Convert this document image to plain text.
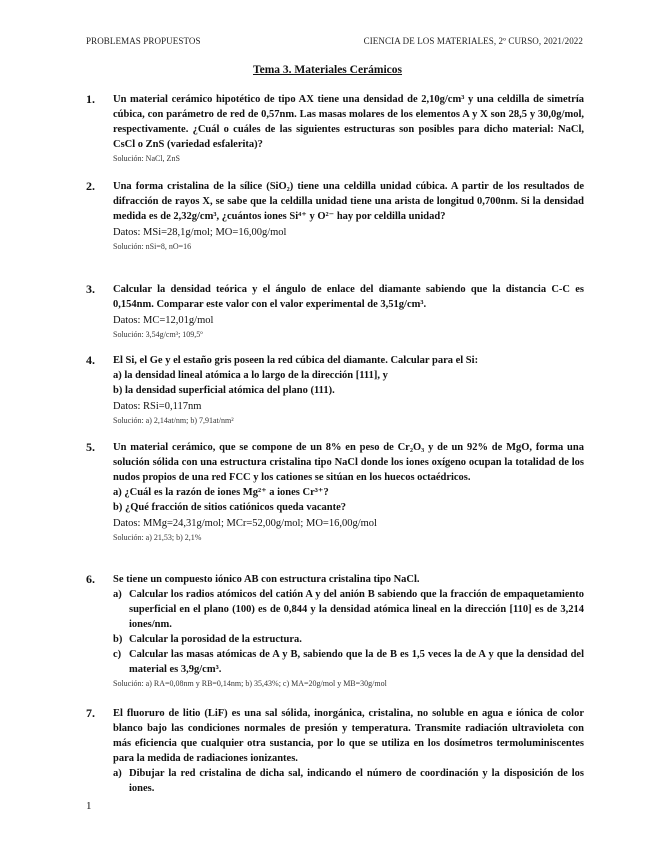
PROBLEMAS PROPUESTOS	CIENCIA DE LOS MATERIALES, 2º CURSO, 2021/2022
Tema 3. Materiales Cerámicos
1. Un material cerámico hipotético de tipo AX tiene una densidad de 2,10g/cm³ y una celdilla de simetría cúbica, con parámetro de red de 0,57nm. Las masas molares de los elementos A y X son 28,5 y 30,0g/mol, respectivamente. ¿Cuál o cuáles de las siguientes estructuras son posibles para dicho material: NaCl, CsCl o ZnS (variedad esfalerita)?

Solución: NaCl, ZnS

2. Una forma cristalina de la sílice (SiO₂) tiene una celdilla unidad cúbica. A partir de los resultados de difracción de rayos X, se sabe que la celdilla unidad tiene una arista de longitud 0,700nm. Si la densidad medida es de 2,32g/cm³, ¿cuántos iones Si⁴⁺ y O²⁻ hay por celdilla unidad?

Datos: MSi=28,1g/mol; MO=16,00g/mol

Solución: nSi=8, nO=16

3. Calcular la densidad teórica y el ángulo de enlace del diamante sabiendo que la distancia C-C es 0,154nm. Comparar este valor con el valor experimental de 3,51g/cm³.

Datos: MC=12,01g/mol

Solución: 3,54g/cm³; 109,5º

4. El Si, el Ge y el estaño gris poseen la red cúbica del diamante. Calcular para el Si:

a) la densidad lineal atómica a lo largo de la dirección [111], y

b) la densidad superficial atómica del plano (111).

Datos: RSi=0,117nm

Solución: a) 2,14at/nm; b) 7,91at/nm²

5. Un material cerámico, que se compone de un 8% en peso de Cr₂O₃ y de un 92% de MgO, forma una solución sólida con una estructura cristalina tipo NaCl donde los iones oxígeno ocupan la totalidad de los nudos propios de una red FCC y los cationes se sitúan en los huecos octaédricos.

a) ¿Cuál es la razón de iones Mg²⁺ a iones Cr³⁺?

b) ¿Qué fracción de sitios catiónicos queda vacante?

Datos: MMg=24,31g/mol; MCr=52,00g/mol; MO=16,00g/mol

Solución: a) 21,53; b) 2,1%

6. Se tiene un compuesto iónico AB con estructura cristalina tipo NaCl.

a) Calcular los radios atómicos del catión A y del anión B sabiendo que la fracción de empaquetamiento superficial en el plano (100) es de 0,844 y la densidad atómica lineal en la dirección [110] es de 3,214 iones/nm.
b) Calcular la porosidad de la estructura.
c) Calcular las masas atómicas de A y B, sabiendo que la de B es 1,5 veces la de A y que la densidad del material es 3,9g/cm³.

Solución: a) RA=0,08nm y RB=0,14nm; b) 35,43%; c) MA=20g/mol y MB=30g/mol

7. El fluoruro de litio (LiF) es una sal sólida, inorgánica, cristalina, no soluble en agua e iónica de color blanco bajo las condiciones normales de presión y temperatura. Transmite radiación ultravioleta con más eficiencia que cualquier otra sustancia, por lo que se utiliza en los dosímetros termoluminiscentes para la medida de radiaciones ionizantes.

a) Dibujar la red cristalina de dicha sal, indicando el número de coordinación y la disposición de los iones.
1
